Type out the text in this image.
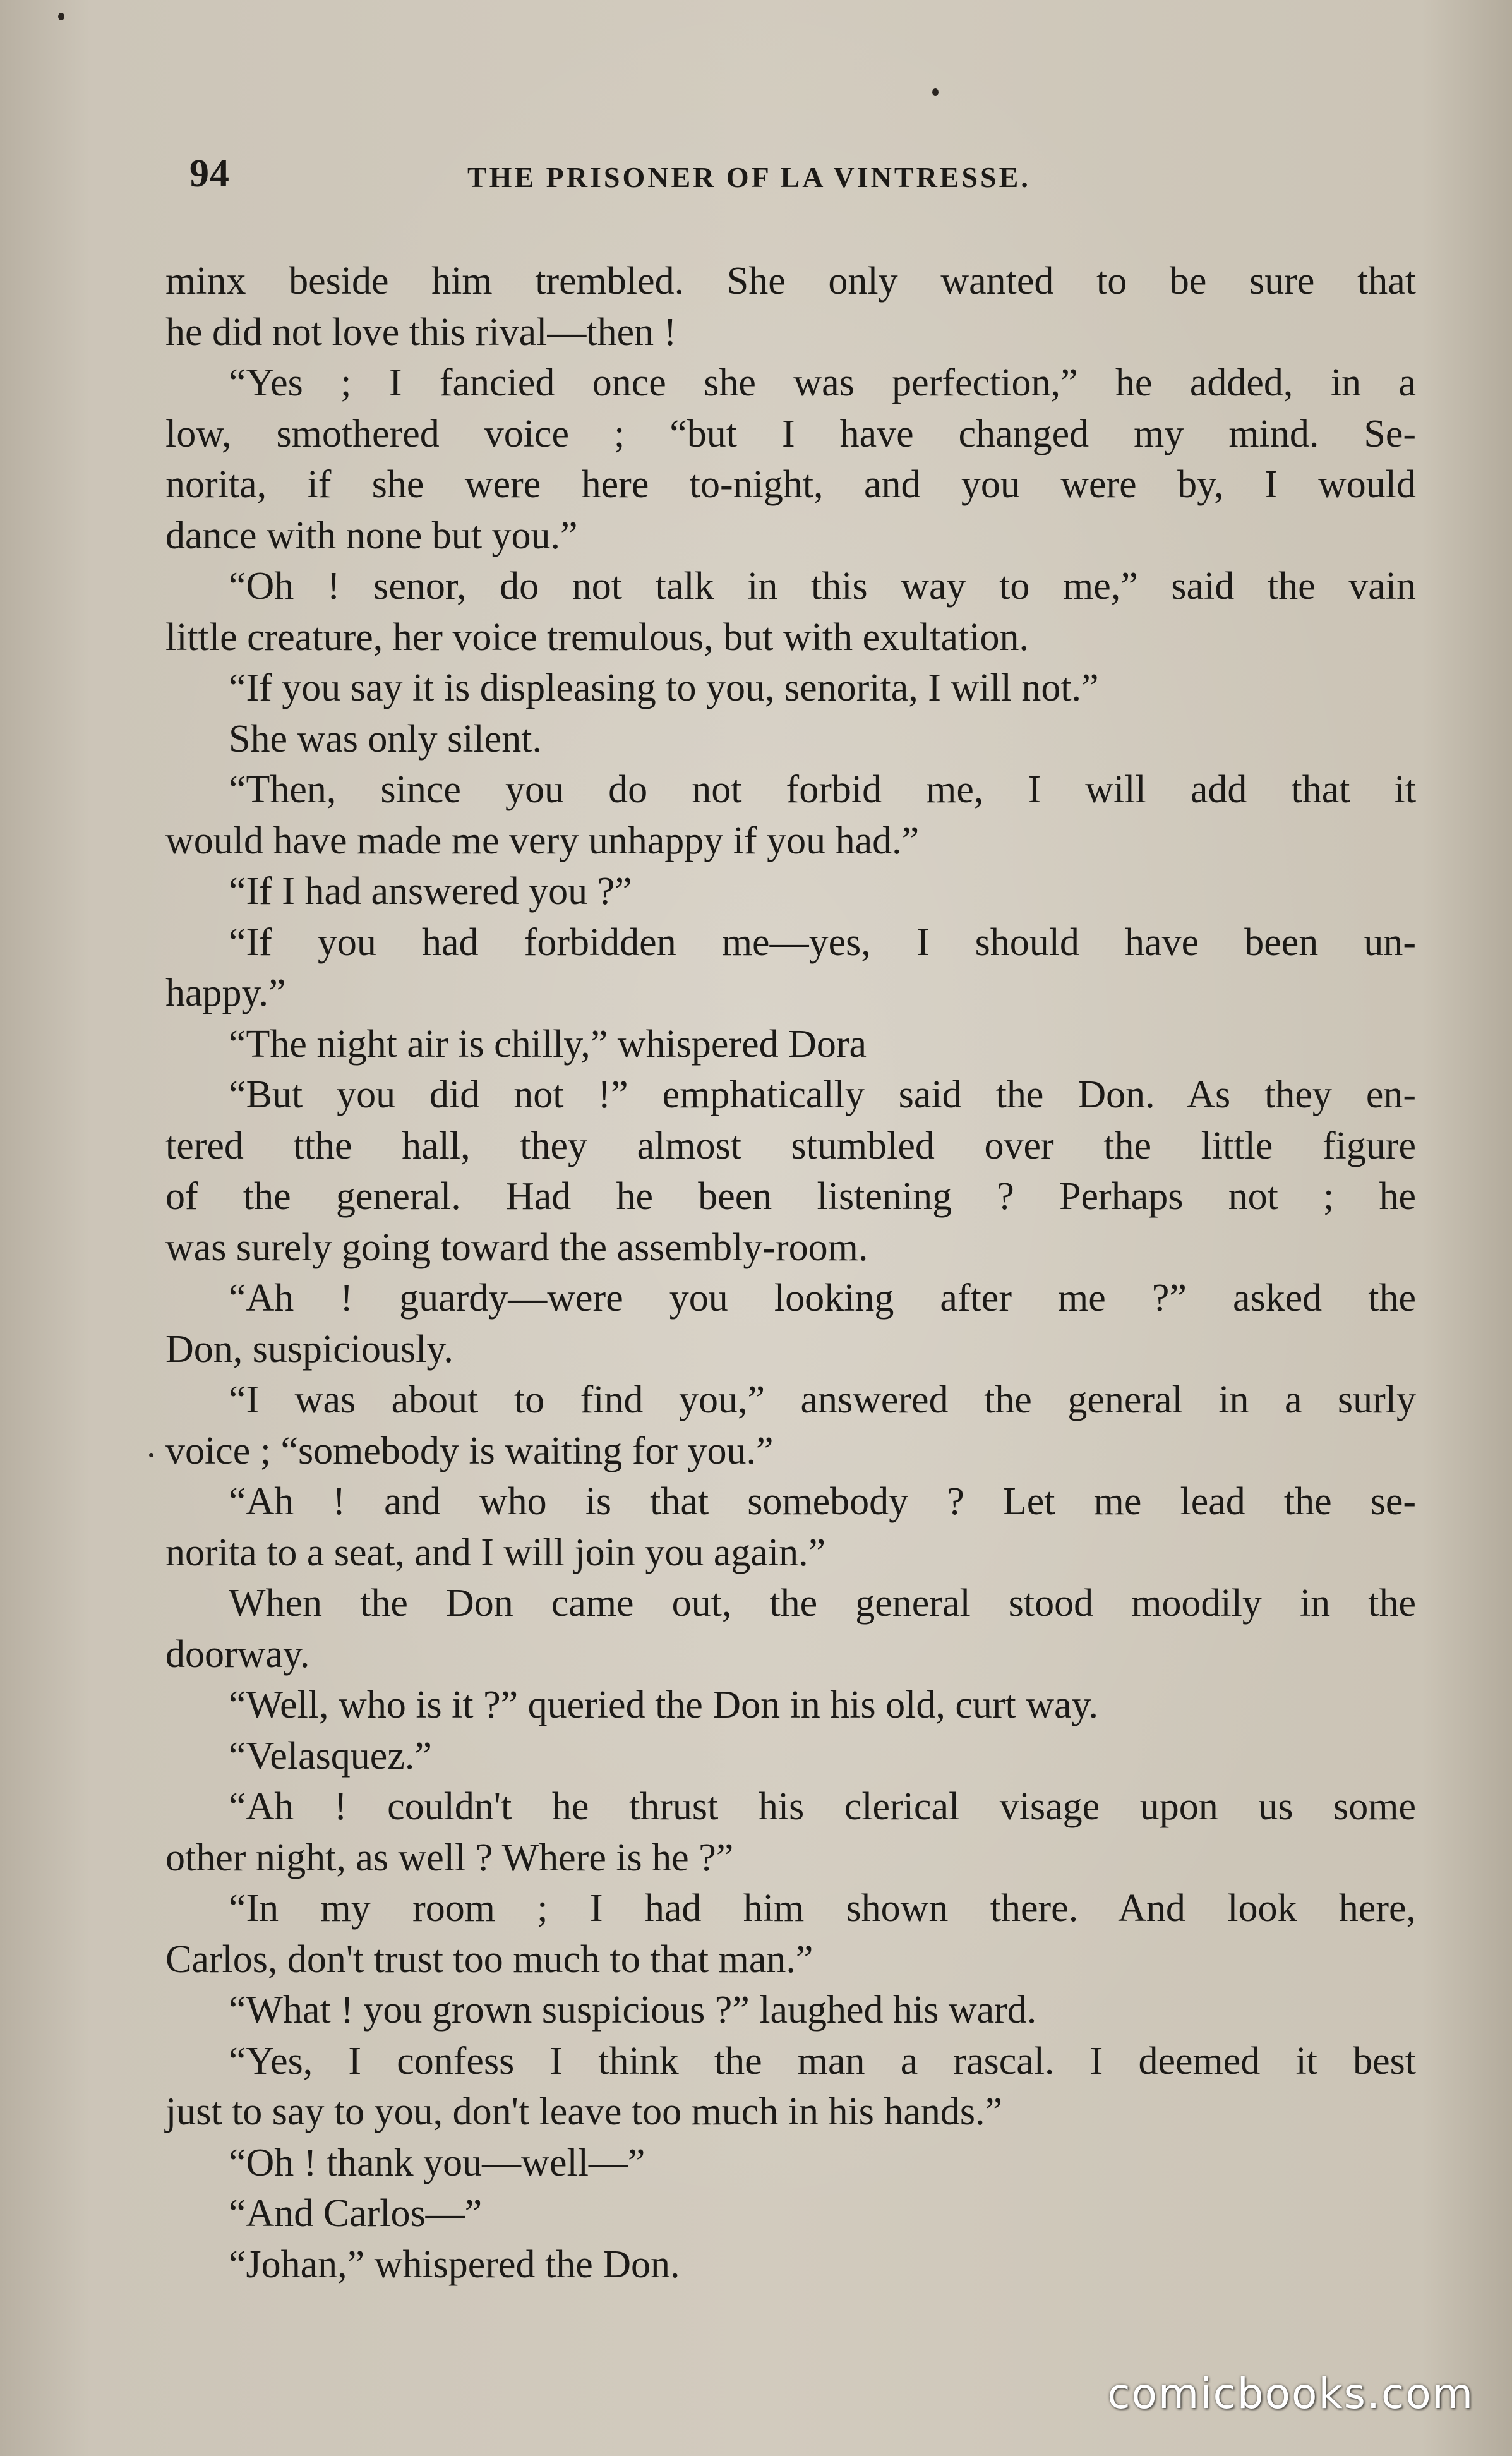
94	THE PRISONER OF LA VINTRESSE.
minx beside him trembled. She only wanted to be sure that
he did not love this rival—then !
“Yes ; I fancied once she was perfection,” he added, in a
low, smothered voice ; “but I have changed my mind. Se-
norita, if she were here to-night, and you were by, I would
dance with none but you.”
“Oh ! senor, do not talk in this way to me,” said the vain
little creature, her voice tremulous, but with exultation.
“If you say it is displeasing to you, senorita, I will not.”
She was only silent.
“Then, since you do not forbid me, I will add that it
would have made me very unhappy if you had.”
“If I had answered you ?”
“If you had forbidden me—yes, I should have been un-
happy.”
“The night air is chilly,” whispered Dora
“But you did not !” emphatically said the Don. As they en-
tered tthe hall, they almost stumbled over the little figure
of the general. Had he been listening ? Perhaps not ; he
was surely going toward the assembly-room.
“Ah ! guardy—were you looking after me ?” asked the
Don, suspiciously.
“I was about to find you,” answered the general in a surly
voice ; “somebody is waiting for you.”
“Ah ! and who is that somebody ? Let me lead the se-
norita to a seat, and I will join you again.”
When the Don came out, the general stood moodily in the
doorway.
“Well, who is it ?” queried the Don in his old, curt way.
“Velasquez.”
“Ah ! couldn't he thrust his clerical visage upon us some
other night, as well ? Where is he ?”
“In my room ; I had him shown there. And look here,
Carlos, don't trust too much to that man.”
“What ! you grown suspicious ?” laughed his ward.
“Yes, I confess I think the man a rascal. I deemed it best
just to say to you, don't leave too much in his hands.”
“Oh ! thank you—well—”
“And Carlos—”
“Johan,” whispered the Don.
comicbooks.com
